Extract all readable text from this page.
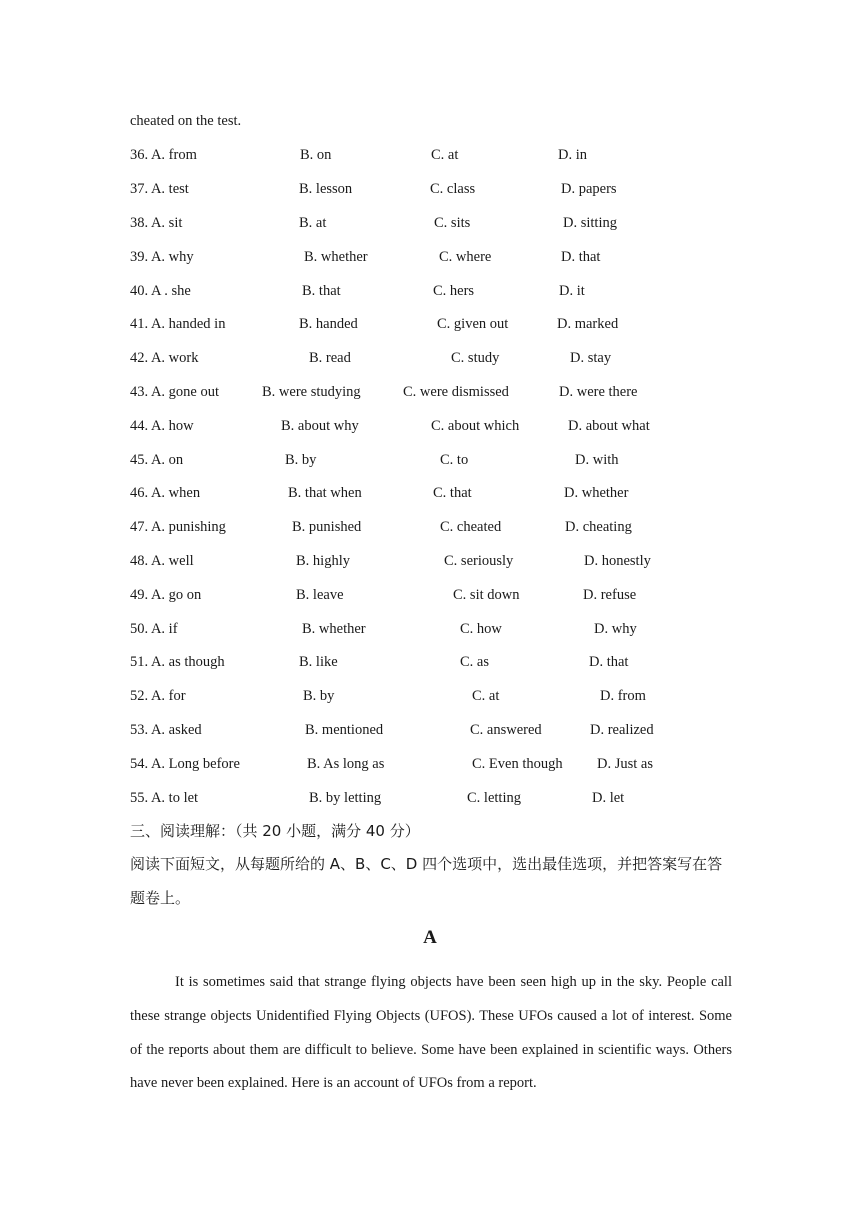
cheated on the test.
36. A. from	B. on	C. at	D. in
37. A. test	B. lesson	C. class	D. papers
38. A. sit	B. at	C. sits	D. sitting
39. A. why	B. whether	C. where	D. that
40. A . she	B. that	C. hers	D. it
41. A. handed in	B. handed	C. given out	D. marked
42. A. work	B. read	C. study	D. stay
43. A. gone out	B. were studying	C. were dismissed	D. were there
44. A. how	B. about why	C. about which	D. about what
45. A. on	B. by	C. to	D. with
46. A. when	B. that when	C. that	D. whether
47. A. punishing	B. punished	C. cheated	D. cheating
48. A. well	B. highly	C. seriously	D. honestly
49. A. go on	B. leave	C. sit down	D. refuse
50. A. if	B. whether	C. how	D. why
51. A. as though	B. like	C. as	D. that
52. A. for	B. by	C. at	D. from
53. A. asked	B. mentioned	C. answered	D. realized
54. A. Long before	B. As long as	C. Even though D. Just as
55. A. to let	B. by letting	C. letting	D. let
三、阅读理解：（共 20 小题，满分 40 分）
阅读下面短文，从每题所给的 A、B、C、D 四个选项中，选出最佳选项，并把答案写在答
题卷上。
A

It is sometimes said that strange flying objects have been seen high up in the sky. People call these strange objects Unidentified Flying Objects (UFOS). These UFOs caused a lot of interest. Some of the reports about them are difficult to believe. Some have been explained in scientific ways. Others have never been explained. Here is an account of UFOs from a report.
